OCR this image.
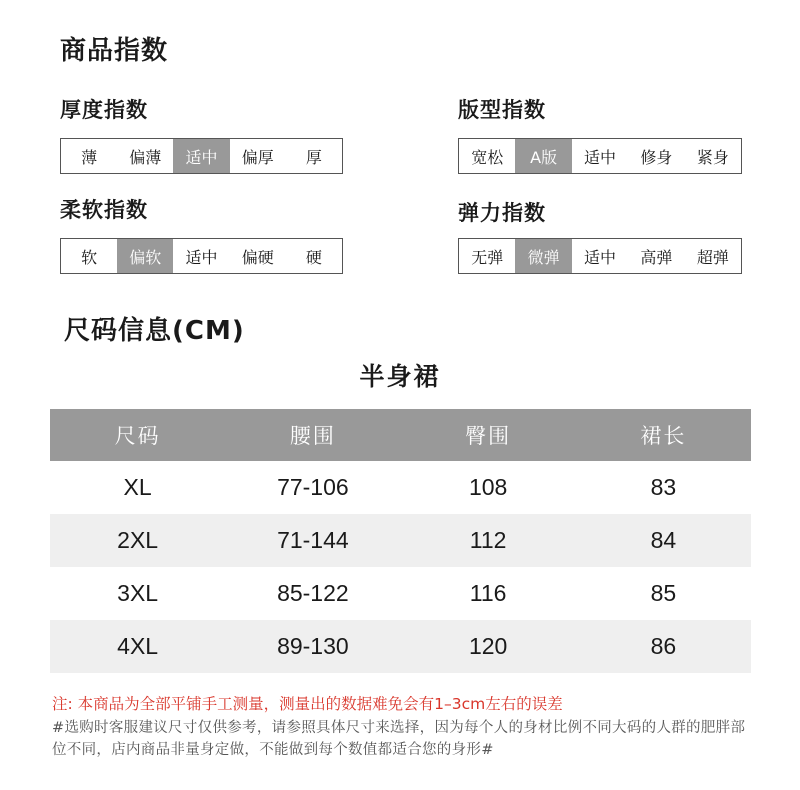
商品指数
厚度指数
薄	偏薄	适中	偏厚	厚
版型指数
宽松	A版	适中	修身	紧身
柔软指数
软	偏软	适中	偏硬	硬
弹力指数
无弹	微弹	适中	高弹	超弹
尺码信息(CM)
半身裙
尺码	腰围	臀围	裙长
XL	77-106	108	83
2XL	71-144	112	84
3XL	85-122	116	85
4XL	89-130	120	86
注: 本商品为全部平铺手工测量，测量出的数据难免会有1–3cm左右的误差
#选购时客服建议尺寸仅供参考，请参照具体尺寸来选择，因为每个人的身材比例不同大码的人群的肥胖部位不同，店内商品非量身定做，不能做到每个数值都适合您的身形#
